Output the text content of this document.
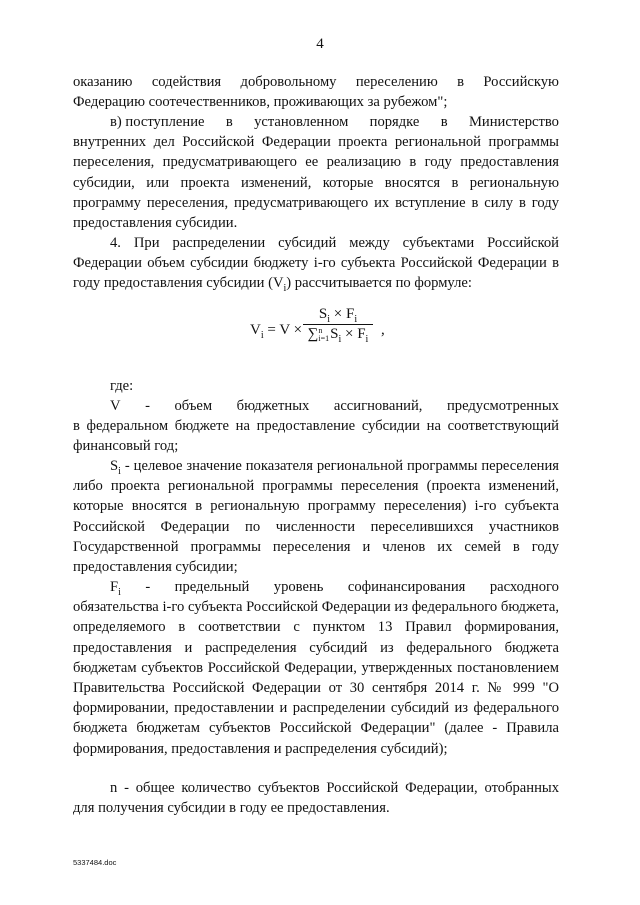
4
оказанию содействия добровольному переселению в Российскую

Федерацию соотечественников, проживающих за рубежом";

в) поступление в установленном порядке в Министерство

внутренних дел Российской Федерации проекта региональной программы переселения, предусматривающего ее реализацию в году предоставления субсидии, или проекта изменений, которые вносятся в региональную программу переселения, предусматривающего их вступление в силу в году предоставления субсидии.

4. При распределении субсидий между субъектами Российской Федерации объем субсидии бюджету i-го субъекта Российской Федерации в году предоставления субсидии $(V_i)$ рассчитывается по формуле:

$V_i = V$ ×
$S_i \times F_i$
∑n
$i=1S_i \times F_i$
,

где:

V - объем бюджетных ассигнований, предусмотренных

в федеральном бюджете на предоставление субсидии на соответствующий финансовый год;

$S_i$ - целевое значение показателя региональной программы переселения либо проекта региональной программы переселения (проекта изменений, которые вносятся в региональную программу переселения) i-го субъекта Российской Федерации по численности переселившихся участников Государственной программы переселения и членов их семей в году предоставления субсидии;

$F_i$ - предельный уровень софинансирования расходного

обязательства i-го субъекта Российской Федерации из федерального бюджета, определяемого в соответствии с пунктом 13 Правил формирования, предоставления и распределения субсидий из федерального бюджета бюджетам субъектов Российской Федерации, утвержденных постановлением Правительства Российской Федерации от 30 сентября 2014 г. № 999 "О формировании, предоставлении и распределении субсидий из федерального бюджета бюджетам субъектов Российской Федерации" (далее - Правила формирования, предоставления и распределения субсидий);

n - общее количество субъектов Российской Федерации, отобранных для получения субсидии в году ее предоставления.

5337484.doc
